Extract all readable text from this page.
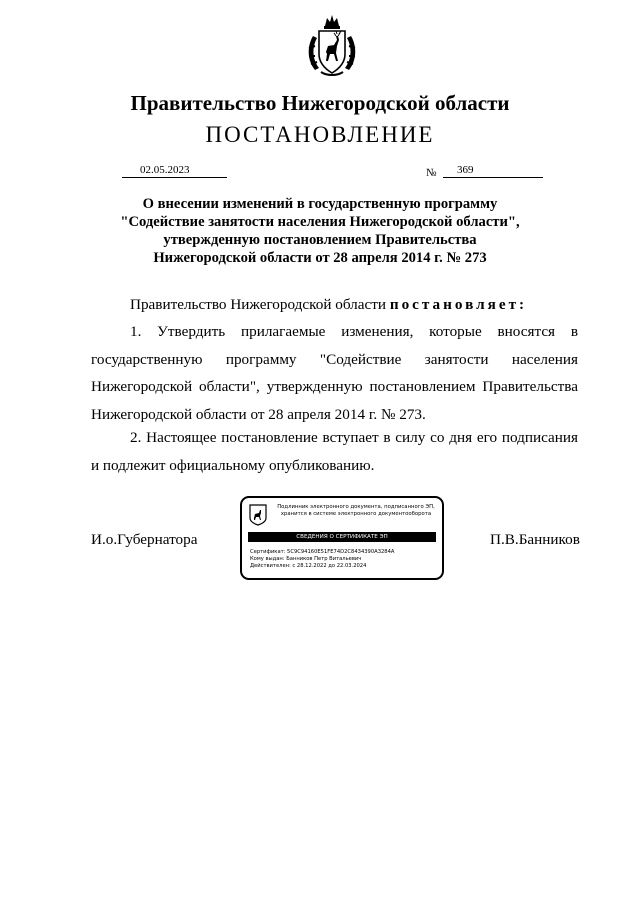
Правительство Нижегородской области
ПОСТАНОВЛЕНИЕ
02.05.2023	№	369
О внесении изменений в государственную программу
"Содействие занятости населения Нижегородской области",
утвержденную постановлением Правительства
Нижегородской области от 28 апреля 2014 г. № 273
Правительство Нижегородской области постановляет:
1. Утвердить прилагаемые изменения, которые вносятся в государственную программу "Содействие занятости населения Нижегородской области", утвержденную постановлением Правительства Нижегородской области от 28 апреля 2014 г. № 273.
2. Настоящее постановление вступает в силу со дня его подписания и подлежит официальному опубликованию.
И.о.Губернатора	П.В.Банников
Подлинник электронного документа, подписанного ЭП,
хранится в системе электронного документооборота
СВЕДЕНИЯ О СЕРТИФИКАТЕ ЭП
Сертификат: 5C9C94160E51FE74D2C8434390A3284A
Кому выдан: Банников Петр Витальевич
Действителен: с 28.12.2022 до 22.03.2024
